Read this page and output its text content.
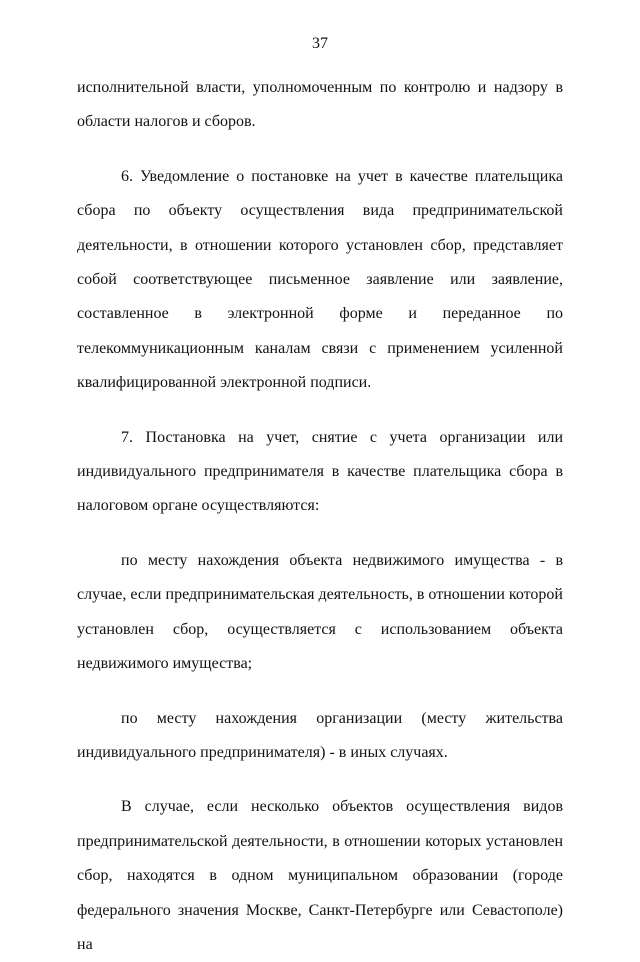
37

исполнительной власти, уполномоченным по контролю и надзору в области налогов и сборов.

6. Уведомление о постановке на учет в качестве плательщика сбора по объекту осуществления вида предпринимательской деятельности, в отношении которого установлен сбор, представляет собой соответствующее письменное заявление или заявление, составленное в электронной форме и переданное по телекоммуникационным каналам связи с применением усиленной квалифицированной электронной подписи.

7. Постановка на учет, снятие с учета организации или индивидуального предпринимателя в качестве плательщика сбора в налоговом органе осуществляются:

по месту нахождения объекта недвижимого имущества - в случае, если предпринимательская деятельность, в отношении которой установлен сбор, осуществляется с использованием объекта недвижимого имущества;

по месту нахождения организации (месту жительства индивидуального предпринимателя) - в иных случаях.

В случае, если несколько объектов осуществления видов предпринимательской деятельности, в отношении которых установлен сбор, находятся в одном муниципальном образовании (городе федерального значения Москве, Санкт-Петербурге или Севастополе) на
